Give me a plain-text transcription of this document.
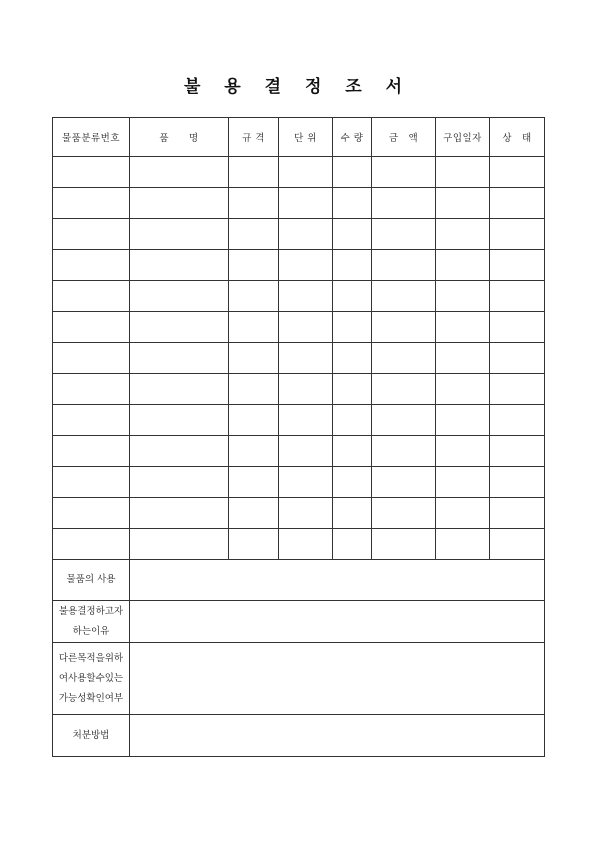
불 용 결 정 조 서
물품분류번호	품　　명	규 격	단 위	수 량	금　액	구입일자	상　태

물품의 사용							

불용결정하고자
하는이유							

다른목적을위하
여사용할수있는
가능성확인여부							

처분방법							
